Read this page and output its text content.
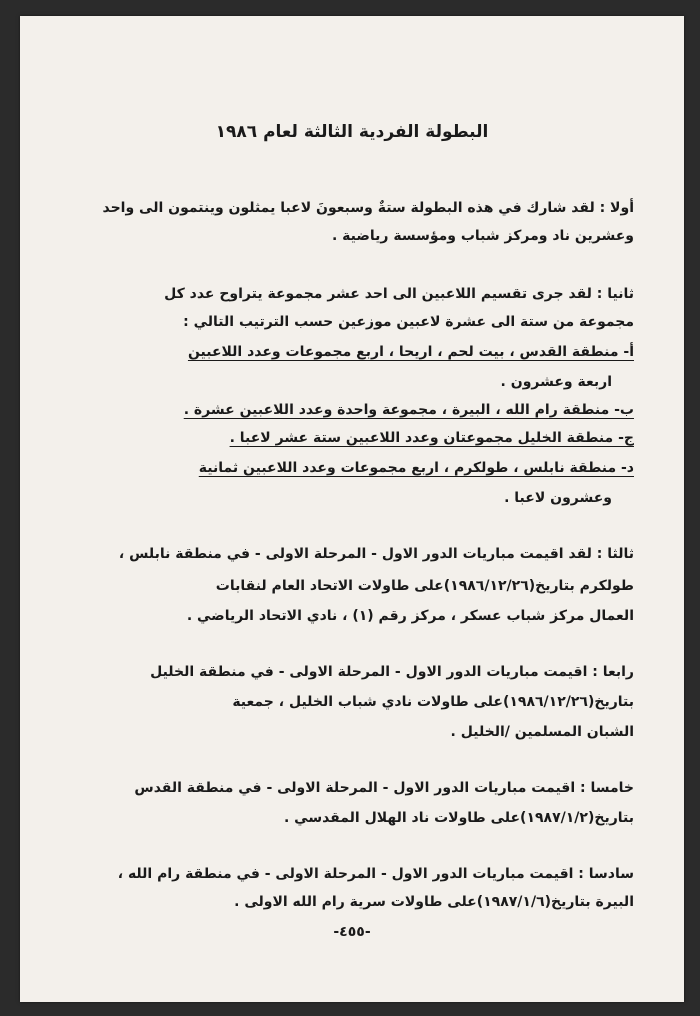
البطولة الفردية الثالثة لعام ١٩٨٦
أولا : لقد شارك في هذه البطولة ستةٌ وسبعونَ لاعبا يمثلون وينتمون الى واحد
وعشرين ناد ومركز شباب ومؤسسة رياضية .
ثانيا : لقد جرى تقسيم اللاعبين الى احد عشر مجموعة يتراوح عدد كل
مجموعة من ستة الى عشرة لاعبين موزعين حسب الترتيب التالي :
أ- منطقة القدس ، بيت لحم ، اريحا ، اربع مجموعات وعدد اللاعبين
اربعة وعشرون .
ب- منطقة رام الله ، البيرة ، مجموعة واحدة وعدد اللاعبين عشرة .
ج- منطقة الخليل مجموعتان وعدد اللاعبين ستة عشر لاعبا .
د- منطقة نابلس ، طولكرم ، اربع مجموعات وعدد اللاعبين ثمانية
وعشرون لاعبا .
ثالثا : لقد اقيمت مباريات الدور الاول - المرحلة الاولى - في منطقة نابلس ،
طولكرم بتاريخ(١٩٨٦/١٢/٢٦)على طاولات الاتحاد العام لنقابات
العمال مركز شباب عسكر ، مركز رقم (١) ، نادي الاتحاد الرياضي .
رابعا : اقيمت مباريات الدور الاول - المرحلة الاولى - في منطقة الخليل
بتاريخ(١٩٨٦/١٢/٢٦)على طاولات نادي شباب الخليل ، جمعية
الشبان المسلمين /الخليل .
خامسا : اقيمت مباريات الدور الاول - المرحلة الاولى - في منطقة القدس
بتاريخ(١٩٨٧/١/٢)على طاولات ناد الهلال المقدسي .
سادسا : اقيمت مباريات الدور الاول - المرحلة الاولى - في منطقة رام الله ،
البيرة بتاريخ(١٩٨٧/١/٦)على طاولات سرية رام الله الاولى .
-٤٥٥-
